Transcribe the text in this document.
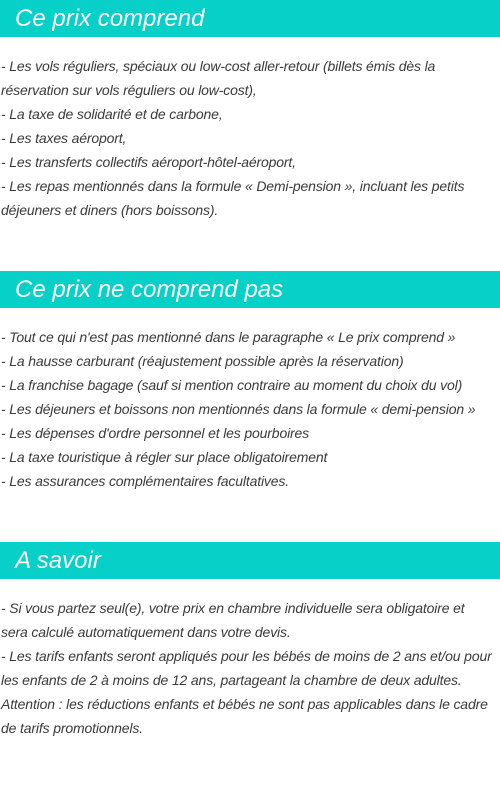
Ce prix comprend
- Les vols réguliers, spéciaux ou low-cost aller-retour (billets émis dès la
réservation sur vols réguliers ou low-cost),
- La taxe de solidarité et de carbone,
- Les taxes aéroport,
- Les transferts collectifs aéroport-hôtel-aéroport,
- Les repas mentionnés dans la formule « Demi-pension », incluant les petits
déjeuners et diners (hors boissons).
Ce prix ne comprend pas
- Tout ce qui n'est pas mentionné dans le paragraphe « Le prix comprend »
- La hausse carburant (réajustement possible après la réservation)
- La franchise bagage (sauf si mention contraire au moment du choix du vol)
- Les déjeuners et boissons non mentionnés dans la formule « demi-pension »
- Les dépenses d'ordre personnel et les pourboires
- La taxe touristique à régler sur place obligatoirement
- Les assurances complémentaires facultatives.
A savoir
- Si vous partez seul(e), votre prix en chambre individuelle sera obligatoire et
sera calculé automatiquement dans votre devis.
- Les tarifs enfants seront appliqués pour les bébés de moins de 2 ans et/ou pour
les enfants de 2 à moins de 12 ans, partageant la chambre de deux adultes.
Attention : les réductions enfants et bébés ne sont pas applicables dans le cadre
de tarifs promotionnels.
